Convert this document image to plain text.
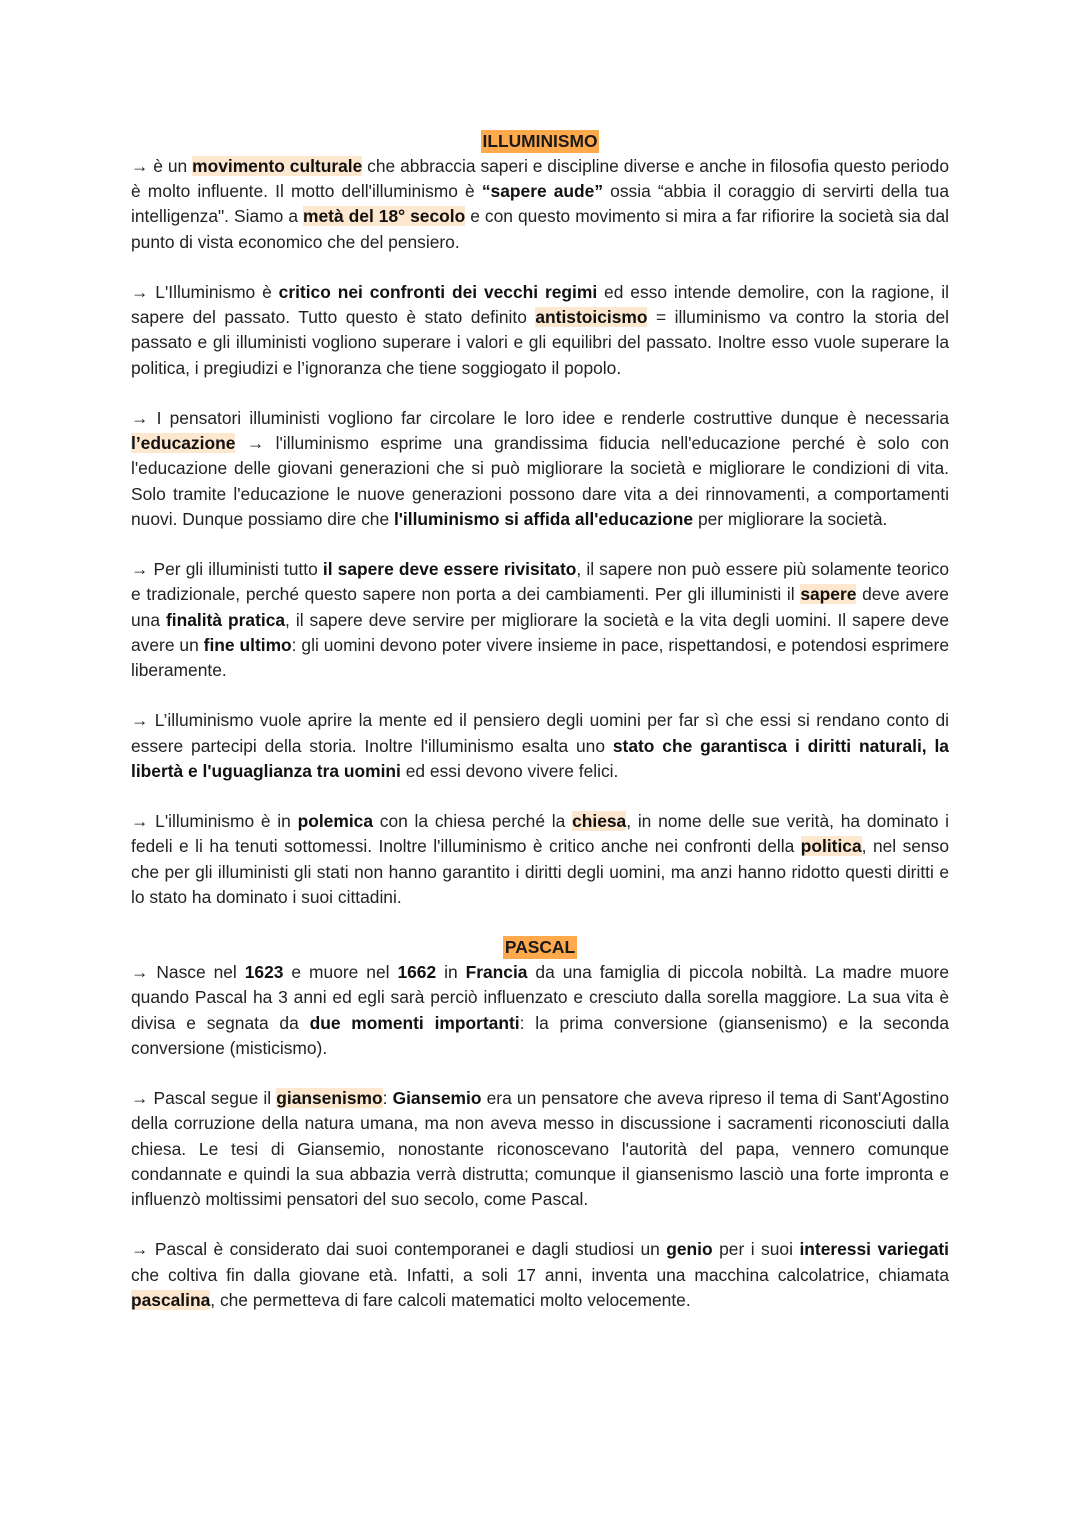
ILLUMINISMO

→ è un movimento culturale che abbraccia saperi e discipline diverse e anche in filosofia questo periodo è molto influente. Il motto dell'illuminismo è “sapere aude” ossia “abbia il coraggio di servirti della tua intelligenza". Siamo a metà del 18° secolo e con questo movimento si mira a far rifiorire la società sia dal punto di vista economico che del pensiero.

→ L'Illuminismo è critico nei confronti dei vecchi regimi ed esso intende demolire, con la ragione, il sapere del passato. Tutto questo è stato definito antistoicismo = illuminismo va contro la storia del passato e gli illuministi vogliono superare i valori e gli equilibri del passato. Inoltre esso vuole superare la politica, i pregiudizi e l’ignoranza che tiene soggiogato il popolo.

→ I pensatori illuministi vogliono far circolare le loro idee e renderle costruttive dunque è necessaria l’educazione → l'illuminismo esprime una grandissima fiducia nell'educazione perché è solo con l'educazione delle giovani generazioni che si può migliorare la società e migliorare le condizioni di vita. Solo tramite l'educazione le nuove generazioni possono dare vita a dei rinnovamenti, a comportamenti nuovi. Dunque possiamo dire che l'illuminismo si affida all'educazione per migliorare la società.

→ Per gli illuministi tutto il sapere deve essere rivisitato, il sapere non può essere più solamente teorico e tradizionale, perché questo sapere non porta a dei cambiamenti. Per gli illuministi il sapere deve avere una finalità pratica, il sapere deve servire per migliorare la società e la vita degli uomini. Il sapere deve avere un fine ultimo: gli uomini devono poter vivere insieme in pace, rispettandosi, e potendosi esprimere liberamente.

→ L’illuminismo vuole aprire la mente ed il pensiero degli uomini per far sì che essi si rendano conto di essere partecipi della storia. Inoltre l'illuminismo esalta uno stato che garantisca i diritti naturali, la libertà e l'uguaglianza tra uomini ed essi devono vivere felici.

→ L'illuminismo è in polemica con la chiesa perché la chiesa, in nome delle sue verità, ha dominato i fedeli e li ha tenuti sottomessi. Inoltre l'illuminismo è critico anche nei confronti della politica, nel senso che per gli illuministi gli stati non hanno garantito i diritti degli uomini, ma anzi hanno ridotto questi diritti e lo stato ha dominato i suoi cittadini.

PASCAL

→ Nasce nel 1623 e muore nel 1662 in Francia da una famiglia di piccola nobiltà. La madre muore quando Pascal ha 3 anni ed egli sarà perciò influenzato e cresciuto dalla sorella maggiore. La sua vita è divisa e segnata da due momenti importanti: la prima conversione (giansenismo) e la seconda conversione (misticismo).

→ Pascal segue il giansenismo: Giansemio era un pensatore che aveva ripreso il tema di Sant'Agostino della corruzione della natura umana, ma non aveva messo in discussione i sacramenti riconosciuti dalla chiesa. Le tesi di Giansemio, nonostante riconoscevano l'autorità del papa, vennero comunque condannate e quindi la sua abbazia verrà distrutta; comunque il giansenismo lasciò una forte impronta e influenzò moltissimi pensatori del suo secolo, come Pascal.

→ Pascal è considerato dai suoi contemporanei e dagli studiosi un genio per i suoi interessi variegati che coltiva fin dalla giovane età. Infatti, a soli 17 anni, inventa una macchina calcolatrice, chiamata pascalina, che permetteva di fare calcoli matematici molto velocemente.
